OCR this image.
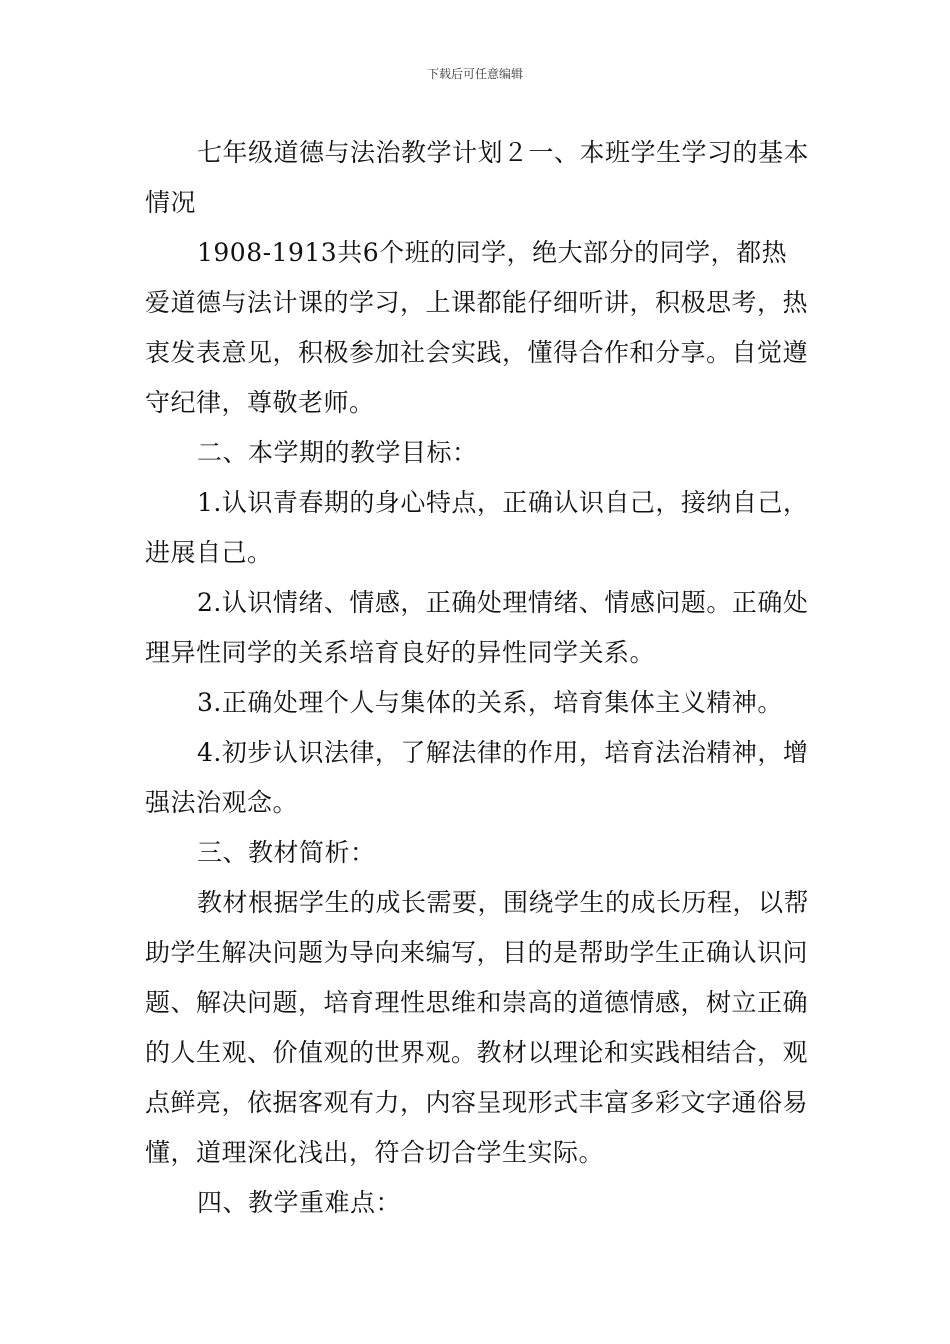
下载后可任意编辑

七年级道德与法治教学计划２一、本班学生学习的基本情况

1908-1913共6个班的同学，绝大部分的同学，都热爱道德与法计课的学习，上课都能仔细听讲，积极思考，热衷发表意见，积极参加社会实践，懂得合作和分享。自觉遵守纪律，尊敬老师。

二、本学期的教学目标：

1.认识青春期的身心特点，正确认识自己，接纳自己，进展自己。

2.认识情绪、情感，正确处理情绪、情感问题。正确处理异性同学的关系培育良好的异性同学关系。

3.正确处理个人与集体的关系，培育集体主义精神。

4.初步认识法律，了解法律的作用，培育法治精神，增强法治观念。

三、教材简析：

教材根据学生的成长需要，围绕学生的成长历程，以帮助学生解决问题为导向来编写，目的是帮助学生正确认识问题、解决问题，培育理性思维和崇高的道德情感，树立正确的人生观、价值观的世界观。教材以理论和实践相结合，观点鲜亮，依据客观有力，内容呈现形式丰富多彩文字通俗易懂，道理深化浅出，符合切合学生实际。

四、教学重难点：
